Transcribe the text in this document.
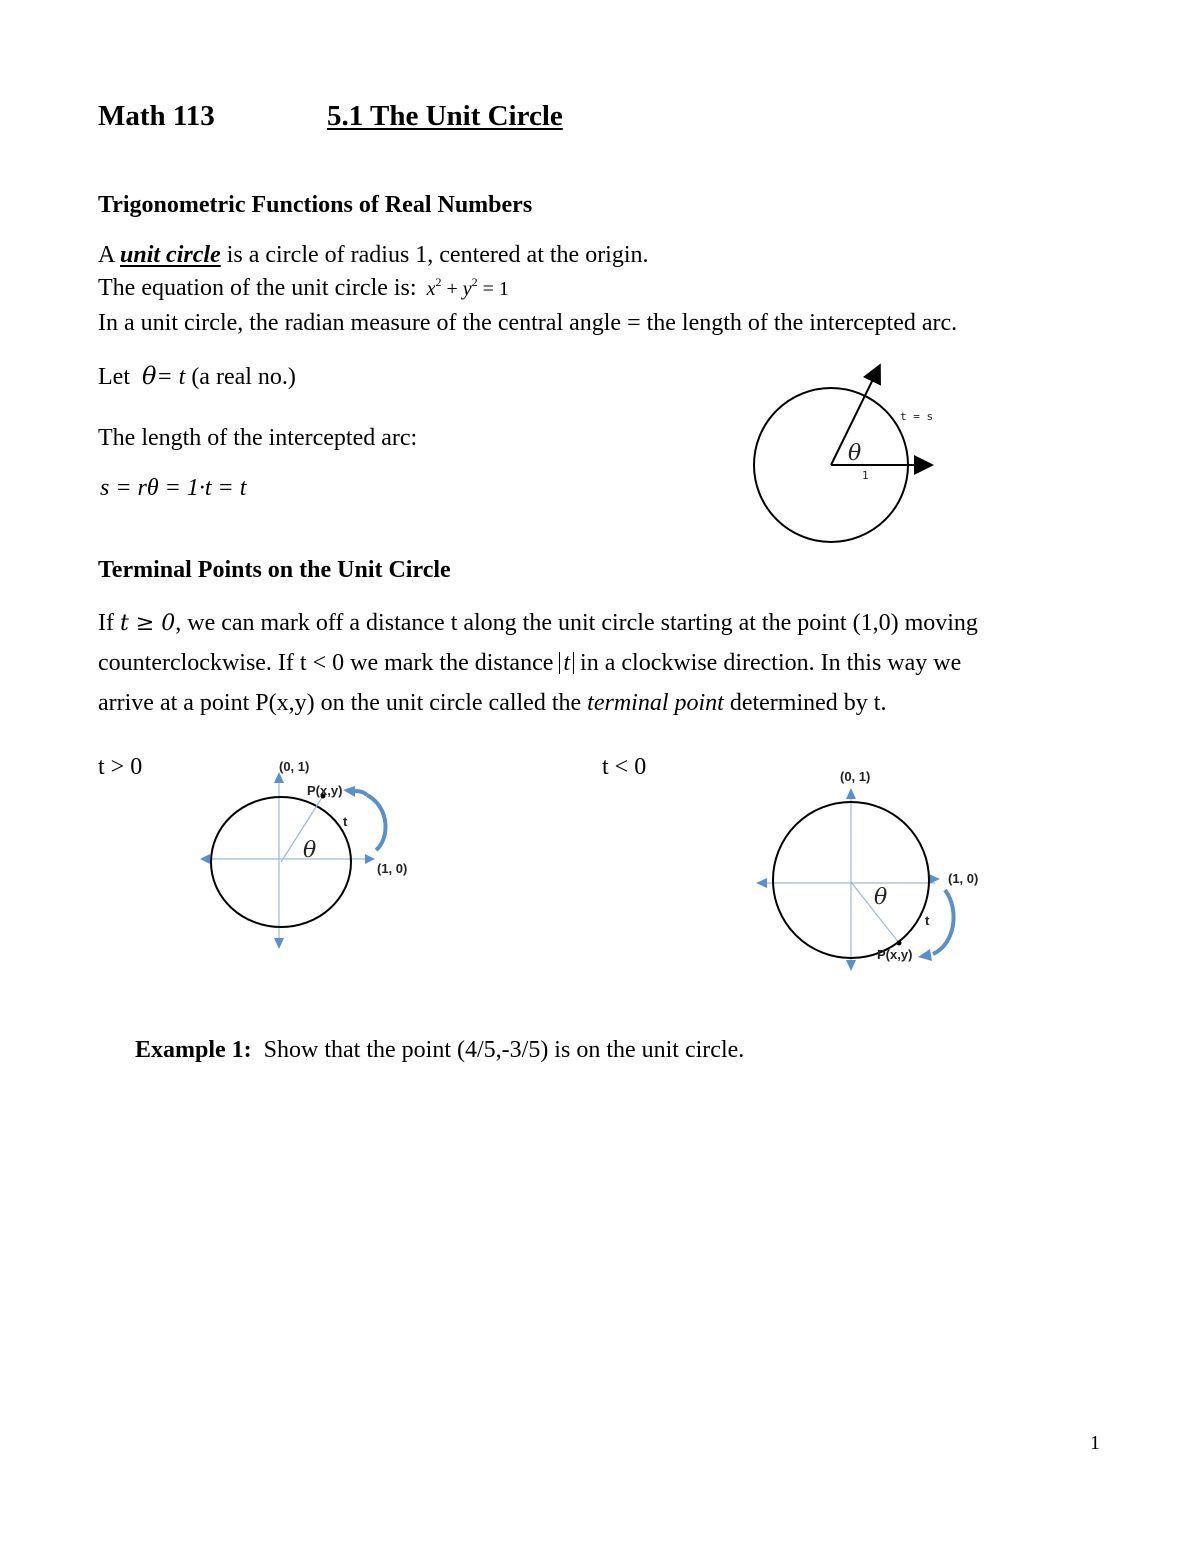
Math 113	5.1 The Unit Circle
Trigonometric Functions of Real Numbers
A unit circle is a circle of radius 1, centered at the origin.
The equation of the unit circle is: $x^2 + y^2 = 1$
In a unit circle, the radian measure of the central angle = the length of the intercepted arc.
Let θ= t (a real no.)
The length of the intercepted arc:
s = rθ = 1·t = t
t = s
θ
1
Terminal Points on the Unit Circle
If t ≥ 0, we can mark off a distance t along the unit circle starting at the point (1,0) moving
counterclockwise. If t < 0 we mark the distance t in a clockwise direction. In this way we
arrive at a point P(x,y) on the unit circle called the terminal point determined by t.
t > 0	t < 0
(0, 1)
P(x,y)
t
θ
(1, 0)
(0, 1)
(1, 0)
θ
t
P(x,y)
Example 1: Show that the point (4/5,-3/5) is on the unit circle.
1
